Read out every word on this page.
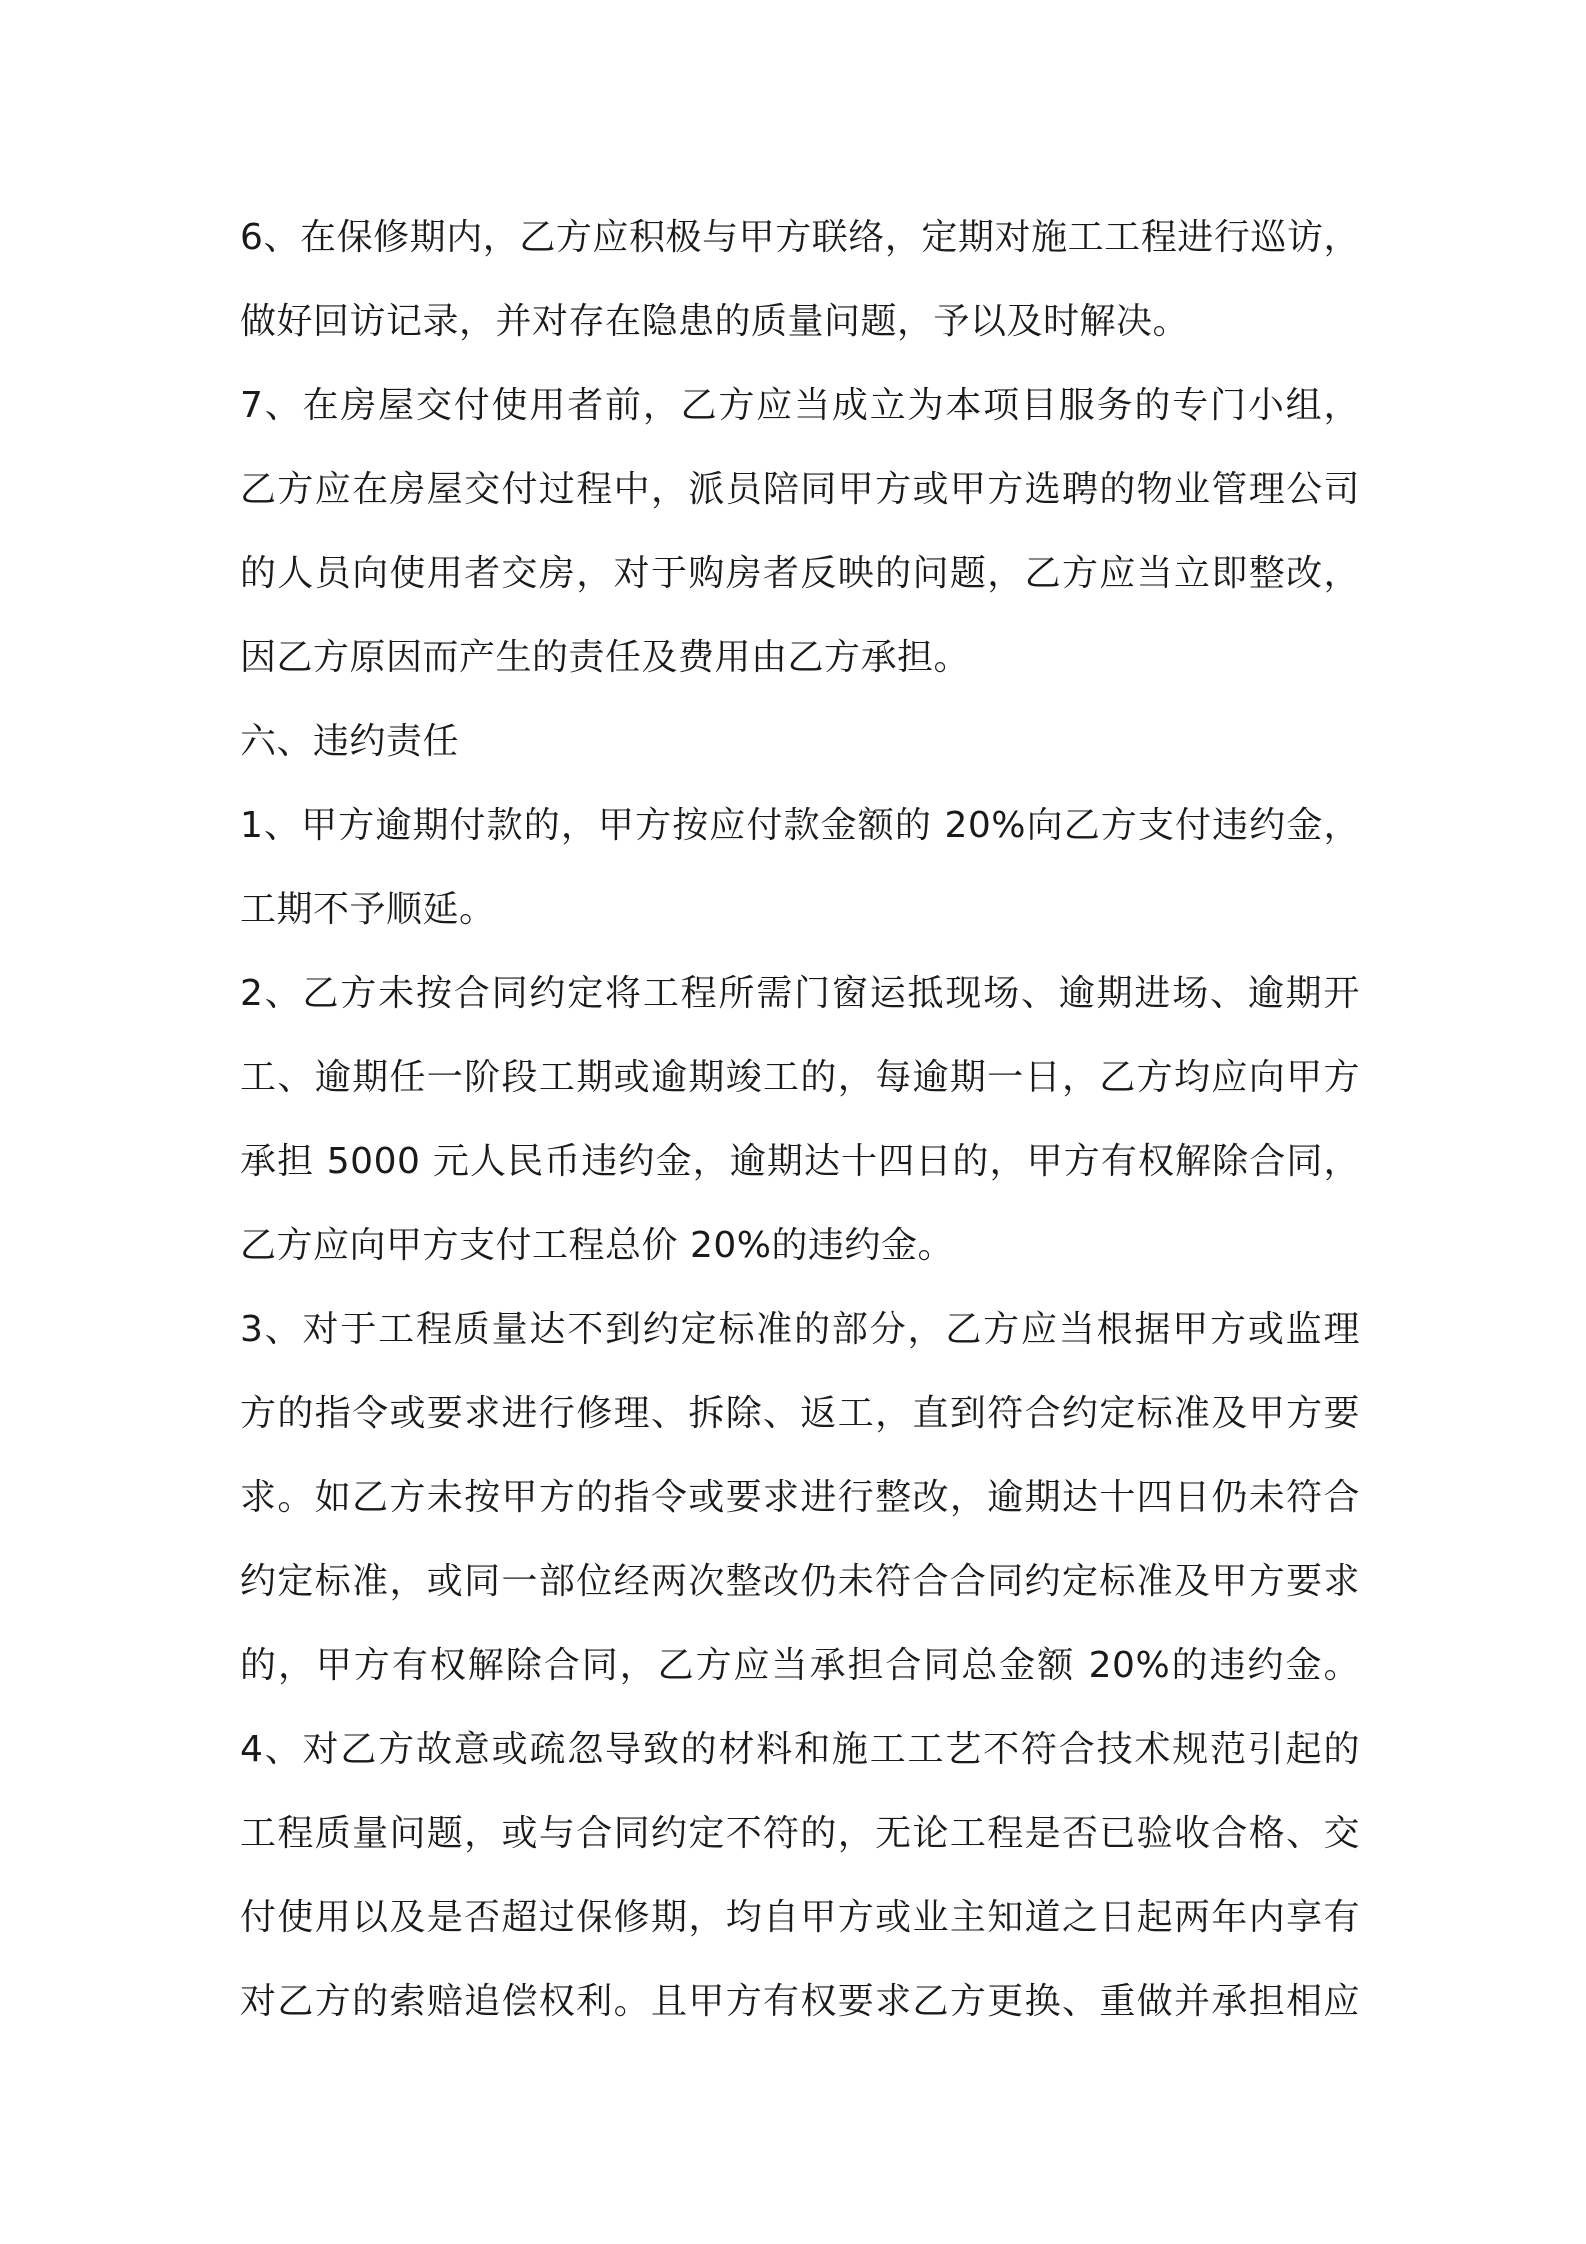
6、在保修期内，乙方应积极与甲方联络，定期对施工工程进行巡访，
做好回访记录，并对存在隐患的质量问题，予以及时解决。
7、在房屋交付使用者前，乙方应当成立为本项目服务的专门小组，
乙方应在房屋交付过程中，派员陪同甲方或甲方选聘的物业管理公司
的人员向使用者交房，对于购房者反映的问题，乙方应当立即整改，
因乙方原因而产生的责任及费用由乙方承担。
六、违约责任
1、甲方逾期付款的，甲方按应付款金额的 20%向乙方支付违约金，
工期不予顺延。
2、乙方未按合同约定将工程所需门窗运抵现场、逾期进场、逾期开
工、逾期任一阶段工期或逾期竣工的，每逾期一日，乙方均应向甲方
承担 5000 元人民币违约金，逾期达十四日的，甲方有权解除合同，
乙方应向甲方支付工程总价 20%的违约金。
3、对于工程质量达不到约定标准的部分，乙方应当根据甲方或监理
方的指令或要求进行修理、拆除、返工，直到符合约定标准及甲方要
求。如乙方未按甲方的指令或要求进行整改，逾期达十四日仍未符合
约定标准，或同一部位经两次整改仍未符合合同约定标准及甲方要求
的，甲方有权解除合同，乙方应当承担合同总金额 20%的违约金。
4、对乙方故意或疏忽导致的材料和施工工艺不符合技术规范引起的
工程质量问题，或与合同约定不符的，无论工程是否已验收合格、交
付使用以及是否超过保修期，均自甲方或业主知道之日起两年内享有
对乙方的索赔追偿权利。且甲方有权要求乙方更换、重做并承担相应
